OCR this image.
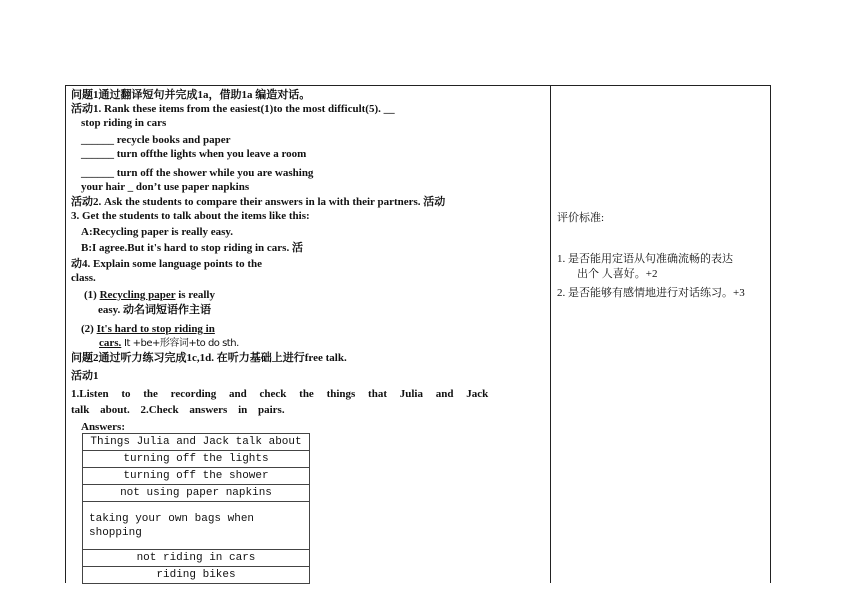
问题1通过翻译短句并完成1a，借助1a 编造对话。
活动1. Rank these items from the easiest(1)to the most difficult(5). __
stop riding in cars
______ recycle books and paper
______ turn offthe lights when you leave a room
______ turn off the shower while you are washing
your hair _ don’t use paper napkins
活动2. Ask the students to compare their answers in la with their partners. 活动
3. Get the students to talk about the items like this:
A:Recycling paper is really easy.
B:I agree.But it's hard to stop riding in cars. 活
动4. Explain some language points to the
class.
(1) Recycling paper is really
easy. 动名词短语作主语
(2) It's hard to stop riding in
cars. It +be+形容词+to do sth.
问题2通过听力练习完成1c,1d. 在听力基础上进行free talk.
活动1
1.Listen to the recording and check the things that Julia and Jack
talk about. 2.Check answers in pairs.
Answers:
Things Julia and Jack talk about
turning off the lights
turning off the shower
not using paper napkins
taking your own bags when shopping
not riding in cars
riding bikes
评价标准:
1. 是否能用定语从句准确流畅的表达
出个 人喜好。+2
2. 是否能够有感情地进行对话练习。+3
